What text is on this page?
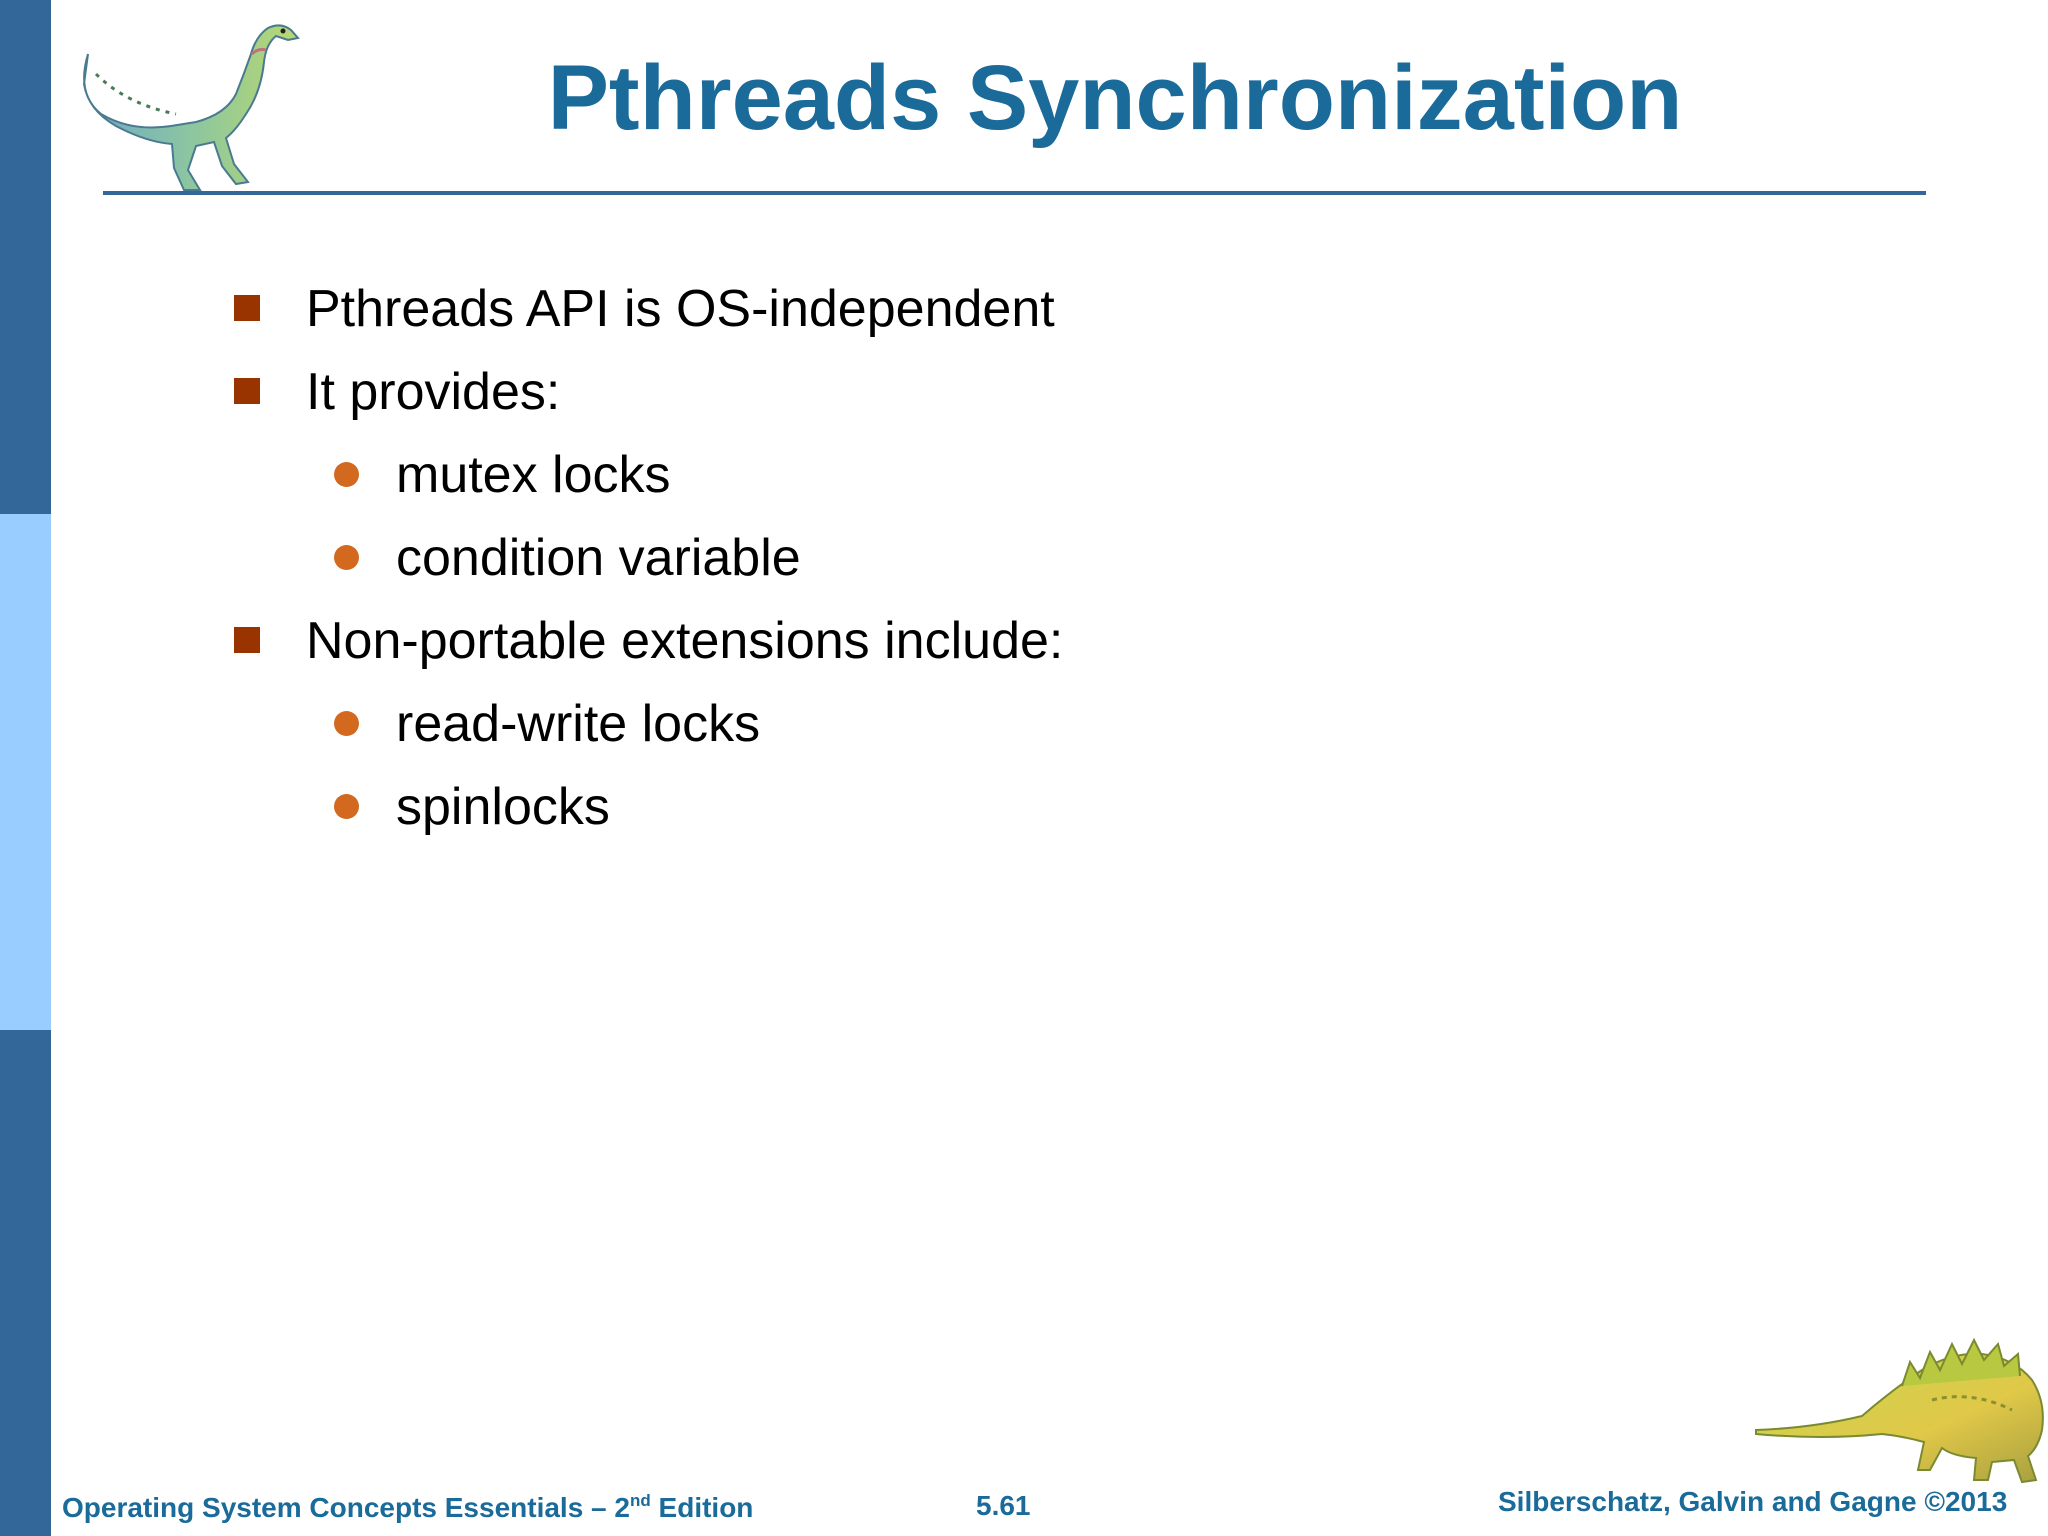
Pthreads Synchronization
Pthreads API is OS-independent
It provides:
mutex locks
condition variable
Non-portable extensions include:
read-write locks
spinlocks
Operating System Concepts Essentials – 2nd Edition	5.61	Silberschatz, Galvin and Gagne ©2013
